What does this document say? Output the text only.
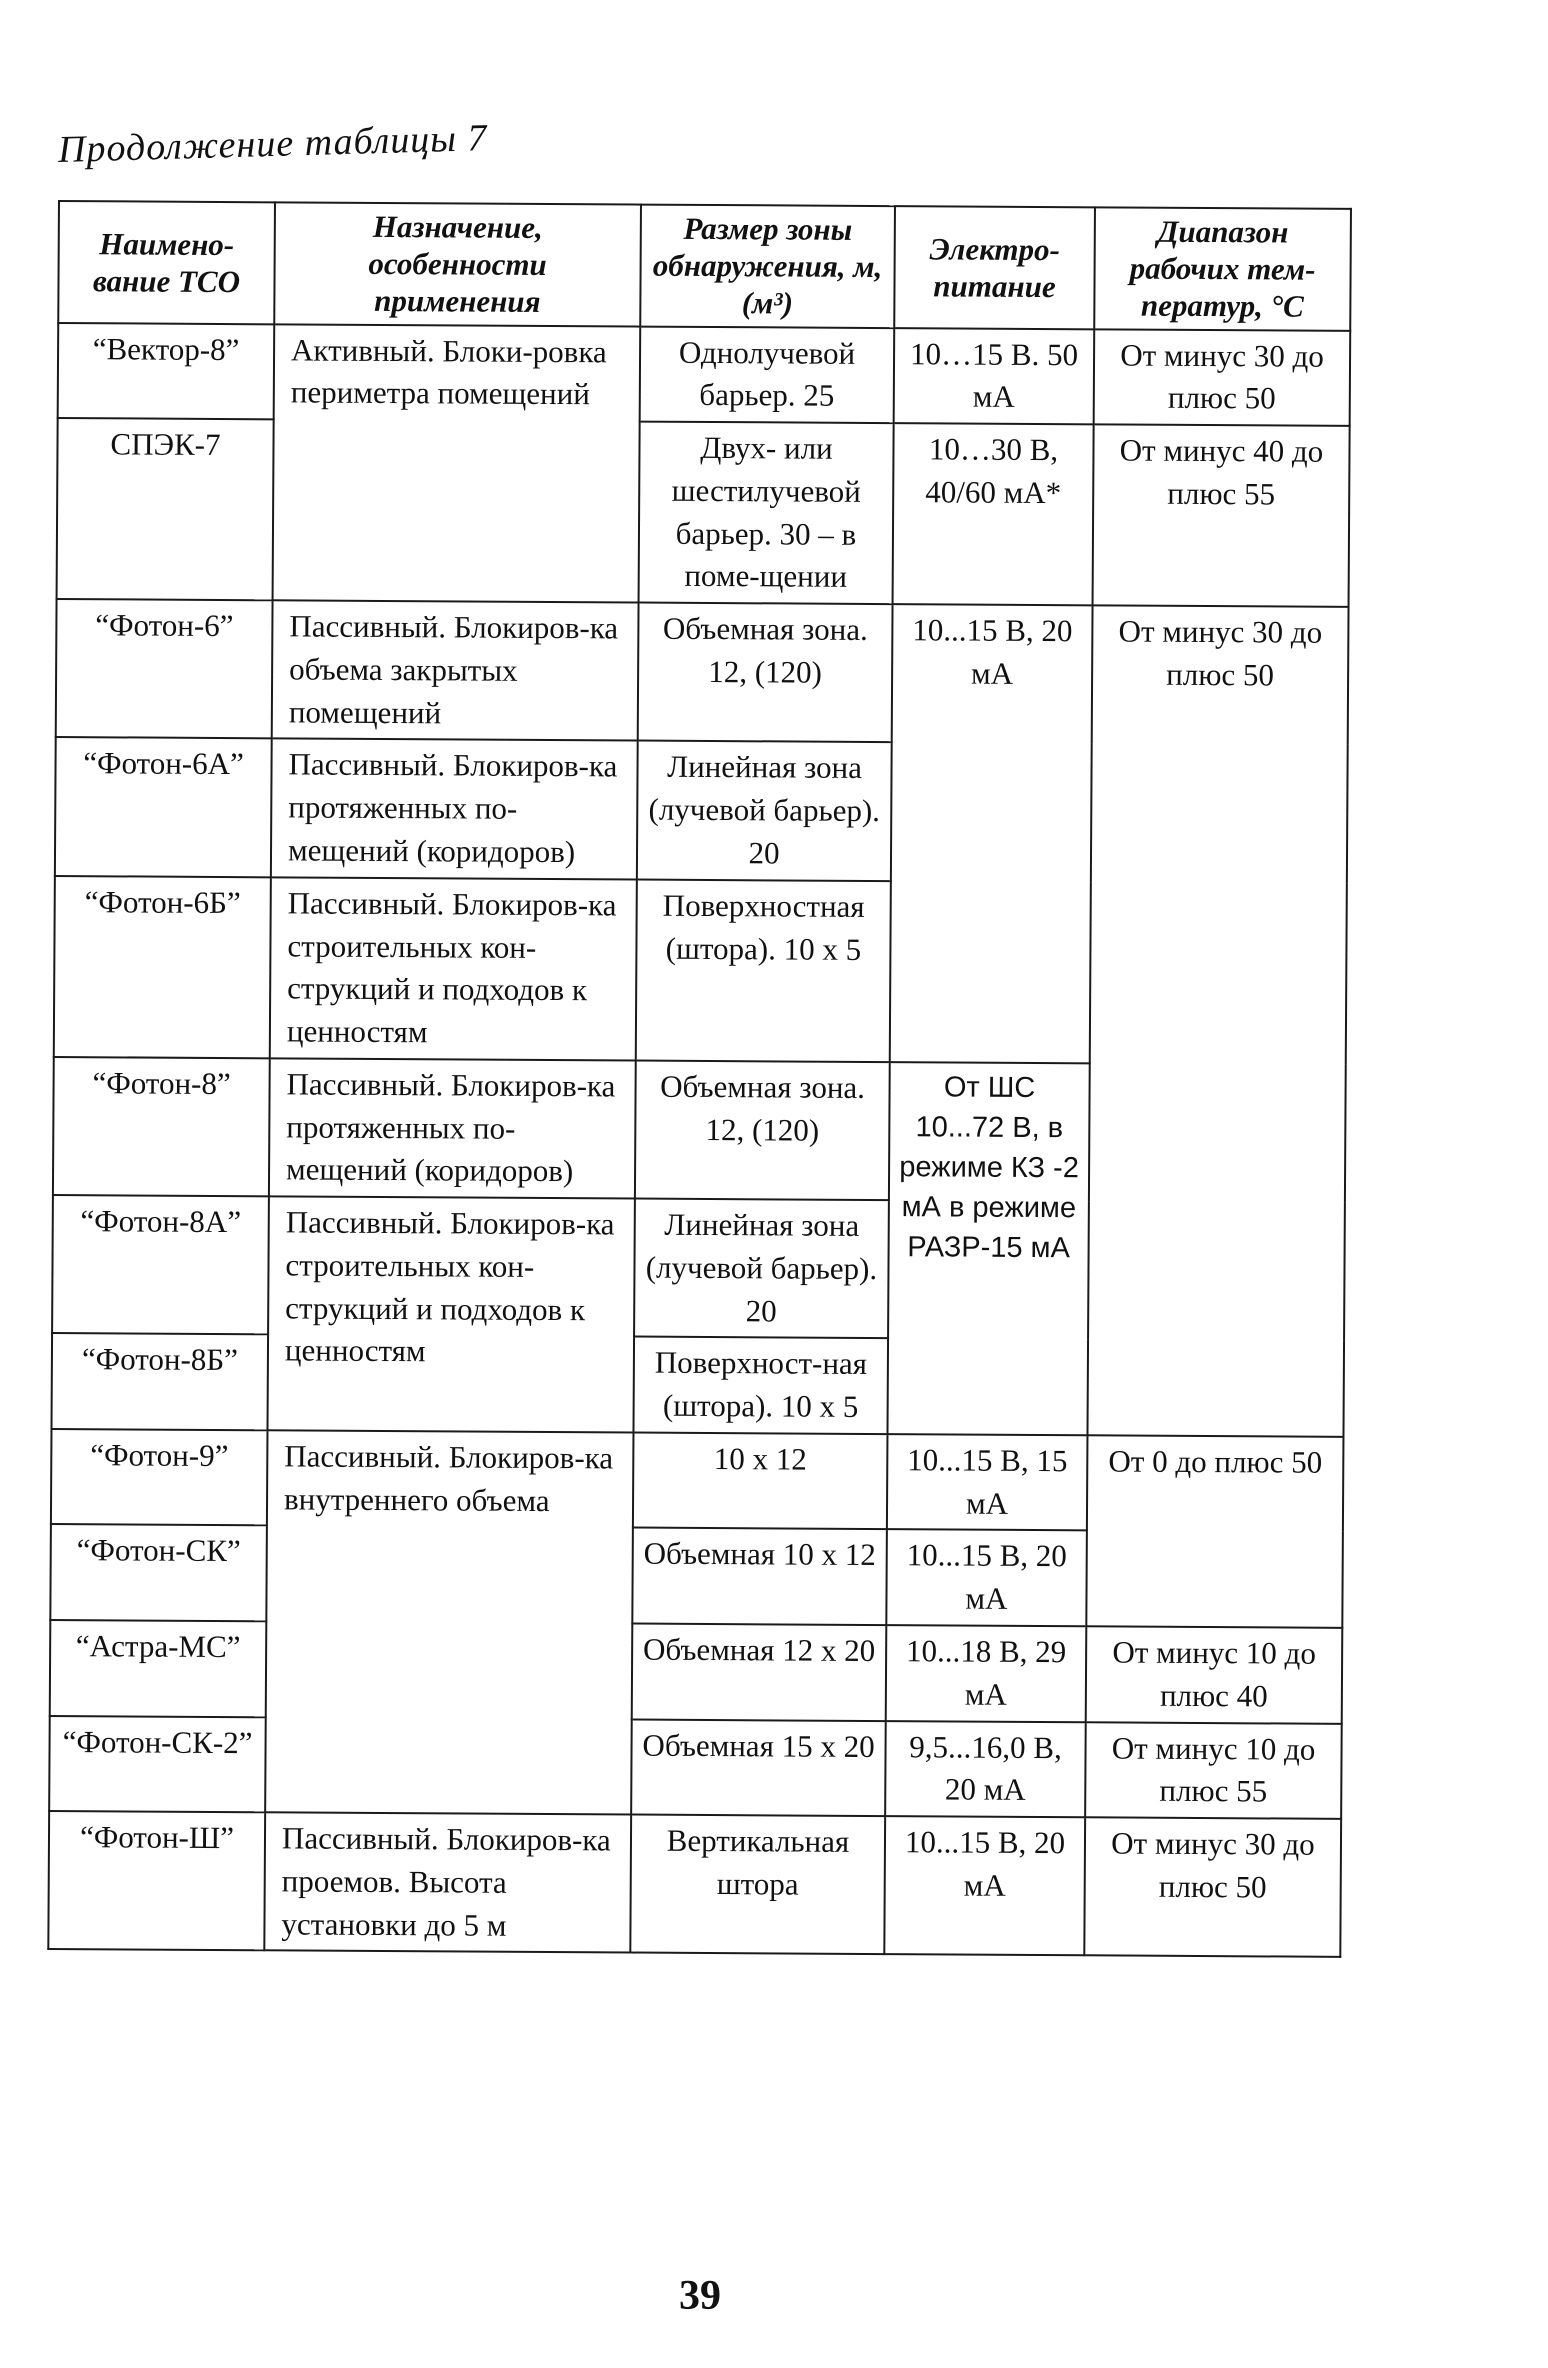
Продолжение таблицы 7
Наимено-вание ТСО	Назначение, особенности применения	Размер зоны обнаружения, м, (м³)	Электро-питание	Диапазон рабочих тем-ператур, °С
“Вектор-8”	Активный. Блоки-ровка периметра помещений	Однолучевой барьер. 25	10…15 В. 50 мА	От минус 30 до плюс 50
СПЭК-7		Двух- или шестилучевой барьер. 30 – в поме-щении	10…30 В, 40/60 мА*	От минус 40 до плюс 55
“Фотон-6”	Пассивный. Блокиров-ка объема закрытых помещений	Объемная зона. 12, (120)	10...15 В, 20 мА	От минус 30 до плюс 50
“Фотон-6А”	Пассивный. Блокиров-ка протяженных по-мещений (коридоров)	Линейная зона (лучевой барьер). 20		
“Фотон-6Б”	Пассивный. Блокиров-ка строительных кон-струкций и подходов к ценностям	Поверхностная (штора). 10 x 5		
“Фотон-8”	Пассивный. Блокиров-ка протяженных по-мещений (коридоров)	Объемная зона. 12, (120)	От ШС 10...72 В, в режиме КЗ -2 мА в режиме РАЗР-15 мА	
“Фотон-8А”	Пассивный. Блокиров-ка строительных кон-струкций и подходов к ценностям	Линейная зона (лучевой барьер). 20		
“Фотон-8Б”		Поверхност-ная (штора). 10 x 5		
“Фотон-9”	Пассивный. Блокиров-ка внутреннего объема	10 x 12	10...15 В, 15 мА	От 0 до плюс 50
“Фотон-СК”		Объемная 10 x 12	10...15 В, 20 мА	
“Астра-МС”		Объемная 12 x 20	10...18 В, 29 мА	От минус 10 до плюс 40
“Фотон-СК-2”		Объемная 15 x 20	9,5...16,0 В, 20 мА	От минус 10 до плюс 55
“Фотон-Ш”	Пассивный. Блокиров-ка проемов. Высота установки до 5 м	Вертикальная штора	10...15 В, 20 мА	От минус 30 до плюс 50
39
